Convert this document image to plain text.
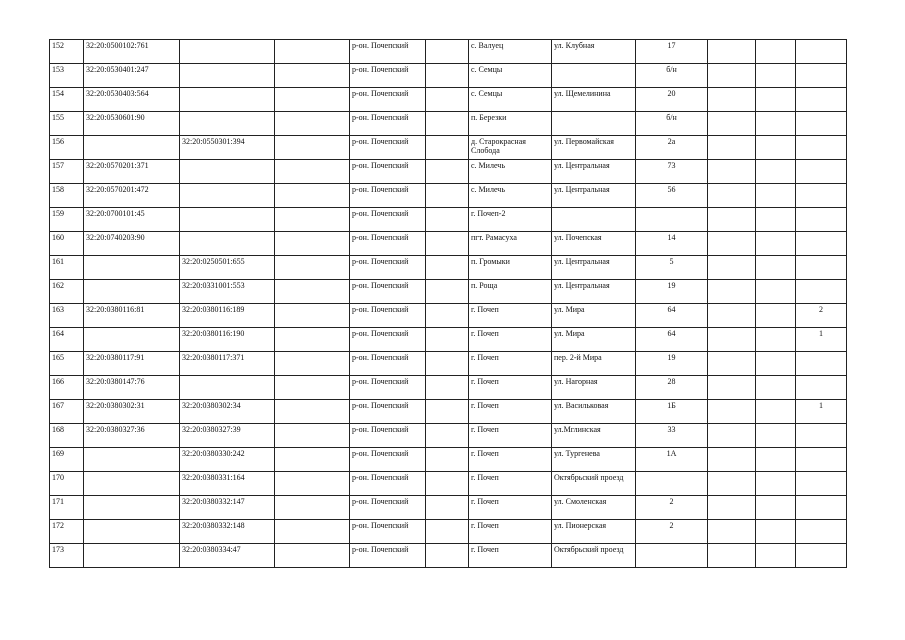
152	32:20:0500102:761			р-он. Почепский		с. Валуец	ул. Клубная	17			
153	32:20:0530401:247			р-он. Почепский		с. Семцы		б/н			
154	32:20:0530403:564			р-он. Почепский		с. Семцы	ул. Щемелинина	20			
155	32:20:0530601:90			р-он. Почепский		п. Березки		б/н			
156		32:20:0550301:394		р-он. Почепский		д. Старокрасная Слобода	ул. Первомайская	2а			
157	32:20:0570201:371			р-он. Почепский		с. Милечь	ул. Центральная	73			
158	32:20:0570201:472			р-он. Почепский		с. Милечь	ул. Центральная	56			
159	32:20:0700101:45			р-он. Почепский		г. Почеп-2					
160	32:20:0740203:90			р-он. Почепский		пгт. Рамасуха	ул. Почепская	14			
161		32:20:0250501:655		р-он. Почепский		п. Громыки	ул. Центральная	5			
162		32:20:0331001:553		р-он. Почепский		п. Роща	ул. Центральная	19			
163	32:20:0380116:81	32:20:0380116:189		р-он. Почепский		г. Почеп	ул. Мира	64			2
164		32:20:0380116:190		р-он. Почепский		г. Почеп	ул. Мира	64			1
165	32:20:0380117:91	32:20:0380117:371		р-он. Почепский		г. Почеп	пер. 2-й Мира	19			
166	32:20:0380147:76			р-он. Почепский		г. Почеп	ул. Нагорная	28			
167	32:20:0380302:31	32:20:0380302:34		р-он. Почепский		г. Почеп	ул. Васильковая	1Б			1
168	32:20:0380327:36	32:20:0380327:39		р-он. Почепский		г. Почеп	ул.Мглинская	33			
169		32:20:0380330:242		р-он. Почепский		г. Почеп	ул. Тургенева	1А			
170		32:20:0380331:164		р-он. Почепский		г. Почеп	Октябрьский проезд				
171		32:20:0380332:147		р-он. Почепский		г. Почеп	ул. Смоленская	2			
172		32:20:0380332:148		р-он. Почепский		г. Почеп	ул. Пионерская	2			
173		32:20:0380334:47		р-он. Почепский		г. Почеп	Октябрьский проезд				
